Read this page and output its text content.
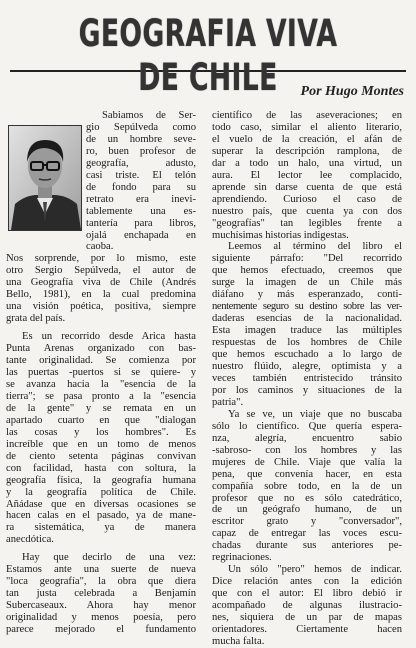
GEOGRAFIA VIVA DE CHILE	Por Hugo Montes
Sabiamos de Ser-
gio Sepúlveda como
de un hombre seve-
ro, buen profesor de
geografía, adusto,
casi triste. El telón
de fondo para su
retrato era inevi-
tablemente una es-
tantería para libros,
ojalá enchapada en
caoba.
Nos sorprende, por lo mismo, este
otro Sergio Sepúlveda, el autor de
una Geografía viva de Chile (Andrés
Bello, 1981), en la cual predomina
una visión poética, positiva, siempre
grata del país.
Es un recorrido desde Arica hasta
Punta Arenas organizado con bas-
tante originalidad. Se comienza por
las puertas -puertos si se quiere- y
se avanza hacia la "esencia de la
tierra"; se pasa pronto a la "esencia
de la gente" y se remata en un
apartado cuarto en que "dialogan
las cosas y los hombres". Es
increíble que en un tomo de menos
de ciento setenta páginas convivan
con facilidad, hasta con soltura, la
geografía física, la geografía humana
y la geografía política de Chile.
Añádase que en diversas ocasiones se
hacen calas en el pasado, ya de mane-
ra sistemática, ya de manera
anecdótica.
Hay que decirlo de una vez:
Estamos ante una suerte de nueva
"loca geografía", la obra que diera
tan justa celebrada a Benjamín
Subercaseaux. Ahora hay menor
originalidad y menos poesía, pero
parece mejorado el fundamento
científico de las aseveraciones; en
todo caso, similar el aliento literario,
el vuelo de la creación, el afán de
superar la descripción ramplona, de
dar a todo un halo, una virtud, un
aura. El lector lee complacido,
aprende sin darse cuenta de que está
aprendiendo. Curioso el caso de
nuestro país, que cuenta ya con dos
"geografías" tan legibles frente a
muchísimas historias indigestas.
Leemos al término del libro el
siguiente párrafo: "Del recorrido
que hemos efectuado, creemos que
surge la imagen de un Chile más
diáfano y más esperanzado, conti-
nentemente seguro su destino sobre las ver-
daderas esencias de la nacionalidad.
Esta imagen traduce las múltiples
respuestas de los hombres de Chile
que hemos escuchado a lo largo de
nuestro flúido, alegre, optimista y a
veces también entristecido tránsito
por los caminos y situaciones de la
patria".
Ya se ve, un viaje que no buscaba
sólo lo científico. Que quería espera-
nza, alegría, encuentro sabio
-sabroso- con los hombres y las
mujeres de Chile. Viaje que valía la
pena, que convenía hacer, en esta
compañía sobre todo, en la de un
profesor que no es sólo catedrático,
de un geógrafo humano, de un
escritor grato y "conversador",
capaz de entregar las voces escu-
chadas durante sus anteriores pe-
regrinaciones.
Un sólo "pero" hemos de indicar.
Dice relación antes con la edición
que con el autor: El libro debió ir
acompañado de algunas ilustracio-
nes, siquiera de un par de mapas
orientadores. Ciertamente hacen
mucha falta.
